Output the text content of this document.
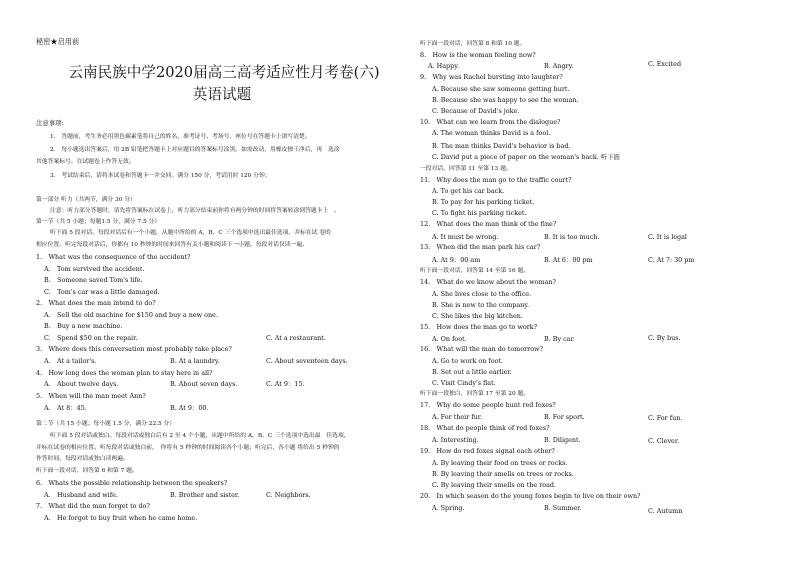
秘密★启用前
云南民族中学2020届高三高考适应性月考卷(六)
英语试题
注意事项:
1.　答题前，考生务必用黑色碳素笔将自己的姓名、准考证号、考场号、座位号在答题卡上填写清楚。
2.　每小题选出答案后，用 2B 铅笔把答题卡上对应题目的答案标号涂黑。如需改动，用橡皮擦干净后，再　选涂
其他答案标号。在试题卷上作答无效。
3.　考试结束后，请将本试卷和答题卡一并交回。满分 150 分，考试用时 120 分钟。
第一部分 听力（共两节，满分 30 分）
注意：听力部分答题时，请先将答案标在试卷上，听力部分结束前你将有两分钟的时间将答案转涂到答题卡上　。
第一节（共 5 小题；每题1.5 分，满分 7.5 分）
听下面 5 段对话。每段对话后有一个小题，从题中所给的 A，B，C 三个选项中选出最佳选项，并标在试 卷的
相应位置。听完每段对话后，你都有 10 秒钟的时间来回答有关小题和阅读下一小题。每段对话仅读一遍。
1.　What was the consequence of the accident?
A.　Tom survived the accident.
B.　Someone saved Tom's life.
C.　Tom's car was a little damaged.
2.　What does the man intend to do?
A.　Sell the old machine for $150 and buy a new one.
B.　Buy a new machine.
C.　Spend $50 on the repair.	C. At a restaurant.
3.　Where does this conversation most probably take place?
A.　At a tailor's.	B. At a laundry.	C. About seventeen days.
4.　How long does the woman plan to stay here in all?
A.　About twelve days.	B. About seven days.	C. At 9：15.
5.　When will the man meet Ann?
A.　At 8：45.	B. At 9：00.
第二节（共 15 小题；每小题 1.5 分，满分 22.5 分）
听下面 5 段对话或独白。每段对话或独白后有 2 至 4 个小题，从题中所给的 A，B，C 三个选项中选出最　佳选项，
并标在试卷的相应位置。听每段对话或独白前，　你将有 5 秒钟的时间阅读各个小题；听完后，各小题 将给出 5 秒钟的
作答时间。每段对话或独白读两遍。
听下面一段对话，回答第 6 和第 7 题。
6.　Whats the possible relationship between the speakers?
A.　Husband and wife.	B. Brother and sister.	C. Neighbors.
7.　What did the man forget to do?
A.　He forgot to buy fruit when he came home.
听下面一段对话，回答第 8 和第 10 题。
8.　How is the woman feeling now?
A. Happy.	B. Angry.	C. Excited
9.　Why was Rachel bursting into laughter?
A. Because she saw someone getting hurt.
B. Because she was happy to see the woman.
C. Because of David's joke.
10.　What can we learn from the dialogue?
A. The woman thinks David is a fool.
B. The man thinks David's behavior is bad.
C. David put a piece of paper on the woman's back. 听下面
一段对话，回答第 11 至第 13 题。
11.　Why does the man go to the traffic court?
A. To get his car back.
B. To pay for his parking ticket.
C. To fight his parking ticket.
12.　What does the man think of the fine?
A. It must be wrong.	B. It is too much.	C. It is legal
13.　When did the man park his car?
A. At 9：00 am	B. At 6：00 pm	C. At 7: 30 pm
听下面一段对话，回答第 14 至第 16 题。
14.　What do we know about the woman?
A. She lives close to the office.
B. She is new to the company.
C. She likes the big kitchen.
15.　How does the man go to work?
A. On foot.	B. By car.	C. By bus.
16.　What will the man do tomorrow?
A. Go to work on foot.
B. Set out a little earlier.
C. Visit Cindy's flat.
听下面一段独白，回答第 17 至第 20 题。
17.　Why do some people hunt red foxes?
A. For their fur.	B. For sport.	C. For fun.
18.　What do people think of red foxes?
A. Interesting.	B. Diligent.	C. Clever.
19.　How do red foxes signal each other?
A. By leaving their food on trees or rocks.
B. By leaving their smells on trees or rocks.
C. By leaving their smells on the road.
20.　In which season do the young foxes begin to live on their own?
A. Spring.	B. Summer.	C. Autumn
